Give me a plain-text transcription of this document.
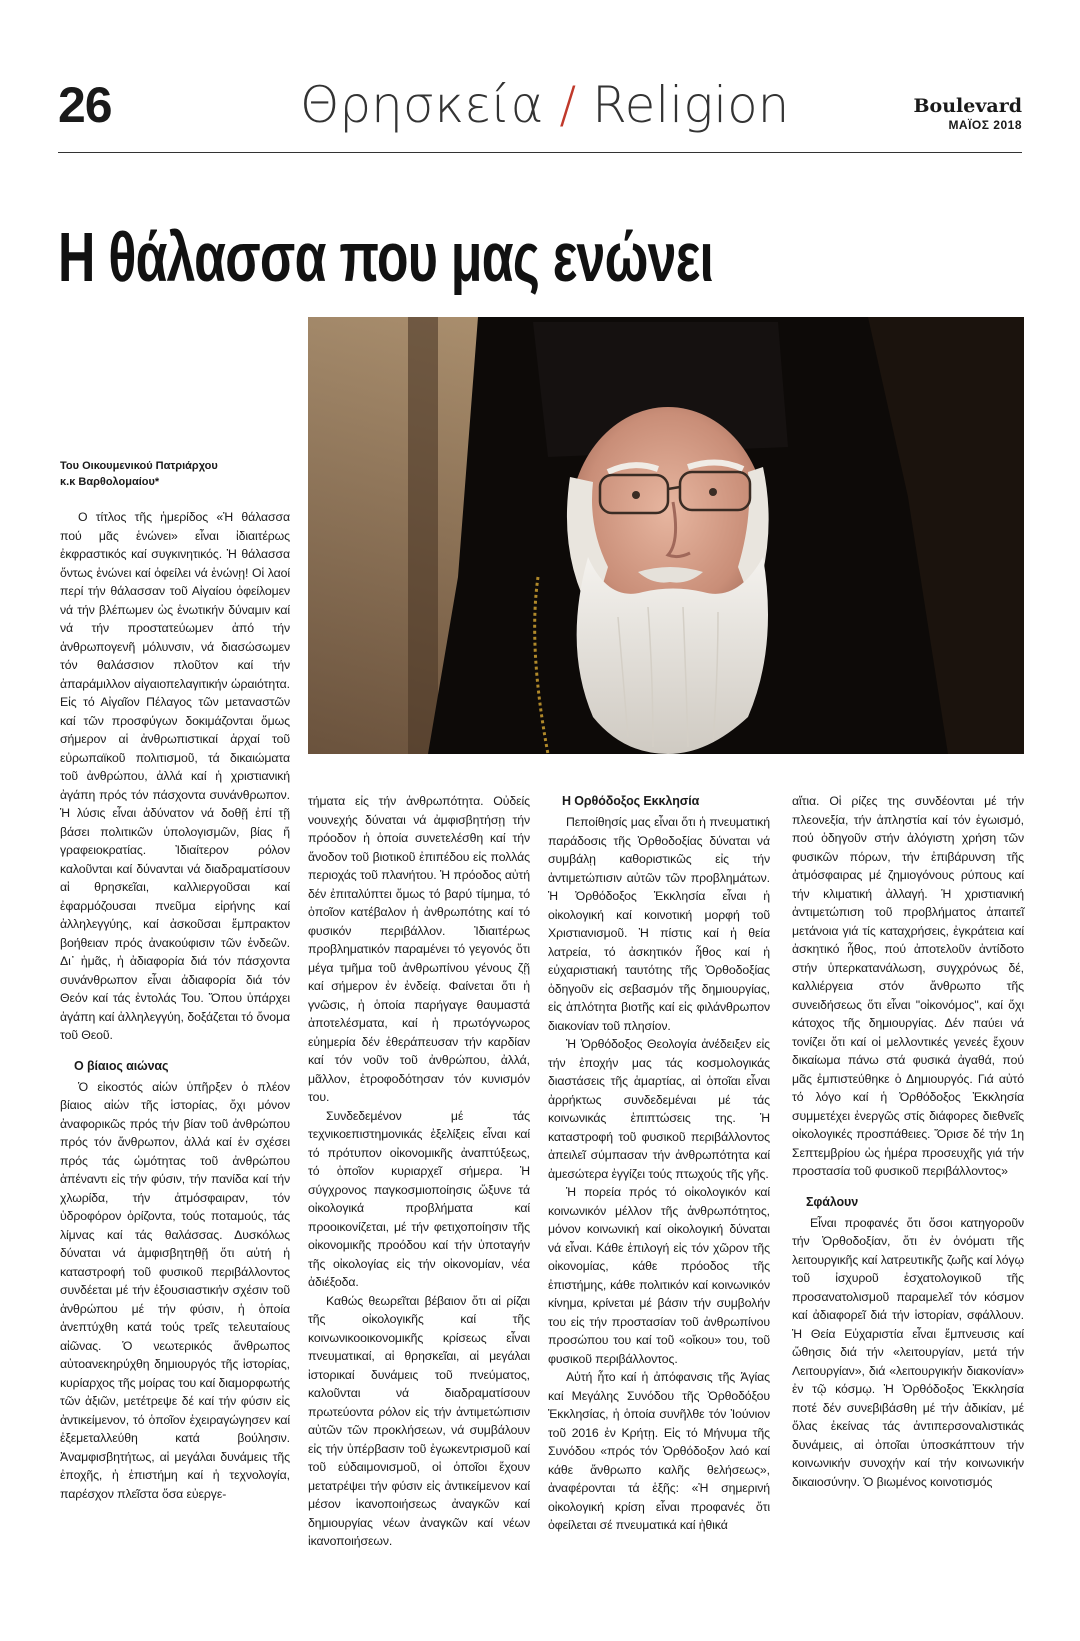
26	Θρησκεία / Religion	Boulevard
ΜΑΪΟΣ 2018
Η θάλασσα που μας ενώνει
Του Οικουμενικού Πατριάρχου
κ.κ Βαρθολομαίου*

Ο τίτλος τῆς ἡμερίδος «Ἡ θάλασσα πού μᾶς ἑνώνει» εἶναι ἰδιαιτέρως ἐκφραστικός καί συγκινητικός. Ἡ θάλασσα ὄντως ἑνώνει καί ὀφείλει νά ἑνώνῃ! Οἱ λαοί περί τήν θάλασσαν τοῦ Αἰγαίου ὀφείλομεν νά τήν βλέπωμεν ὡς ἑνωτικήν δύναμιν καί νά τήν προστατεύωμεν ἀπό τήν ἀνθρωπογενῆ μόλυνσιν, νά διασώσωμεν τόν θαλάσσιον πλοῦτον καί τήν ἀπαράμιλλον αἰγαιοπελαγιτικήν ὡραιότητα. Εἰς τό Αἰγαῖον Πέλαγος τῶν μεταναστῶν καί τῶν προσφύγων δοκιμάζονται ὅμως σήμερον αἱ ἀνθρωπιστικαί ἀρχαί τοῦ εὐρωπαϊκοῦ πολιτισμοῦ, τά δικαιώματα τοῦ ἀνθρώπου, ἀλλά καί ἡ χριστιανική ἀγάπη πρός τόν πάσχοντα συνάνθρωπον. Ἡ λύσις εἶναι ἀδύνατον νά δοθῇ ἐπί τῇ βάσει πολιτικῶν ὑπολογισμῶν, βίας ἤ γραφειοκρατίας. Ἰδιαίτερον ρόλον καλοῦνται καί δύνανται νά διαδραματίσουν αἱ θρησκεῖαι, καλλιεργοῦσαι καί ἐφαρμόζουσαι πνεῦμα εἰρήνης καί ἀλληλεγγύης, καί ἀσκοῦσαι ἔμπρακτον βοήθειαν πρός ἀνακούφισιν τῶν ἐνδεῶν. Δι᾽ ἡμᾶς, ἡ ἀδιαφορία διά τόν πάσχοντα συνάνθρωπον εἶναι ἀδιαφορία διά τόν Θεόν καί τάς ἐντολάς Του. Ὅπου ὑπάρχει ἀγάπη καί ἀλληλεγγύη, δοξάζεται τό ὄνομα τοῦ Θεοῦ.

Ο βίαιος αιώνας

Ὁ εἰκοστός αἰών ὑπῆρξεν ὁ πλέον βίαιος αἰών τῆς ἱστορίας, ὄχι μόνον ἀναφορικῶς πρός τήν βίαν τοῦ ἀνθρώπου πρός τόν ἄνθρωπον, ἀλλά καί ἐν σχέσει πρός τάς ὠμότητας τοῦ ἀνθρώπου ἀπέναντι εἰς τήν φύσιν, τήν πανίδα καί τήν χλωρίδα, τήν ἀτμόσφαιραν, τόν ὑδροφόρον ὁρίζοντα, τούς ποταμούς, τάς λίμνας καί τάς θαλάσσας. Δυσκόλως δύναται νά ἀμφισβητηθῇ ὅτι αὐτή ἡ καταστροφή τοῦ φυσικοῦ περιβάλλοντος συνδέεται μέ τήν ἐξουσιαστικήν σχέσιν τοῦ ἀνθρώπου μέ τήν φύσιν, ἡ ὁποία ἀνεπτύχθη κατά τούς τρεῖς τελευταίους αἰῶνας. Ὁ νεωτερικός ἄνθρωπος αὐτοανεκηρύχθη δημιουργός τῆς ἱστορίας, κυρίαρχος τῆς μοίρας του καί διαμορφωτής τῶν ἀξιῶν, μετέτρεψε δέ καί τήν φύσιν εἰς ἀντικείμενον, τό ὁποῖον ἐχειραγώγησεν καί ἐξεμεταλλεύθη κατά βούλησιν. Ἀναμφισβητήτως, αἱ μεγάλαι δυνάμεις τῆς ἐποχῆς, ἡ ἐπιστήμη καί ἡ τεχνολογία, παρέσχον πλεῖστα ὅσα εὐεργε-

τήματα εἰς τήν ἀνθρωπότητα. Οὐδείς νουνεχής δύναται νά ἀμφισβητήσῃ τήν πρόοδον ἡ ὁποία συνετελέσθη καί τήν ἄνοδον τοῦ βιοτικοῦ ἐπιπέδου εἰς πολλάς περιοχάς τοῦ πλανήτου. Ἡ πρόοδος αὐτή δέν ἐπιταλύπτει ὅμως τό βαρύ τίμημα, τό ὁποῖον κατέβαλον ἡ ἀνθρωπότης καί τό φυσικόν περιβάλλον. Ἰδιαιτέρως προβληματικόν παραμένει τό γεγονός ὅτι μέγα τμῆμα τοῦ ἀνθρωπίνου γένους ζῇ καί σήμερον ἐν ἐνδείᾳ. Φαίνεται ὅτι ἡ γνῶσις, ἡ ὁποία παρήγαγε θαυμαστά ἀποτελέσματα, καί ἡ πρωτόγνωρος εὐημερία δέν ἐθεράπευσαν τήν καρδίαν καί τόν νοῦν τοῦ ἀνθρώπου, ἀλλά, μᾶλλον, ἐτροφοδότησαν τόν κυνισμόν του.

Συνδεδεμένον μέ τάς τεχνικοεπιστημονικάς ἐξελίξεις εἶναι καί τό πρότυπον οἰκονομικῆς ἀναπτύξεως, τό ὁποῖον κυριαρχεῖ σήμερα. Ἡ σύγχρονος παγκοσμιοποίησις ὤξυνε τά οἰκολογικά προβλήματα καί προοικονίζεται, μέ τήν φετιχοποίησιν τῆς οἰκονομικῆς προόδου καί τήν ὑποταγήν τῆς οἰκολογίας εἰς τήν οἰκονομίαν, νέα ἀδιέξοδα.

Καθώς θεωρεῖται βέβαιον ὅτι αἱ ρίζαι τῆς οἰκολογικῆς καί τῆς κοινωνικοοικονομικῆς κρίσεως εἶναι πνευματικαί, αἱ θρησκεῖαι, αἱ μεγάλαι ἱστορικαί δυνάμεις τοῦ πνεύματος, καλοῦνται νά διαδραματίσουν πρωτεύοντα ρόλον εἰς τήν ἀντιμετώπισιν αὐτῶν τῶν προκλήσεων, νά συμβάλουν εἰς τήν ὑπέρβασιν τοῦ ἐγωκεντρισμοῦ καί τοῦ εὐδαιμονισμοῦ, οἱ ὁποῖοι ἔχουν μετατρέψει τήν φύσιν εἰς ἀντικείμενον καί μέσον ἱκανοποιήσεως ἀναγκῶν καί δημιουργίας νέων ἀναγκῶν καί νέων ἱκανοποιήσεων.

Η Ορθόδοξος Εκκλησία

Πεποίθησίς μας εἶναι ὅτι ἡ πνευματική παράδοσις τῆς Ὀρθοδοξίας δύναται νά συμβάλῃ καθοριστικῶς εἰς τήν ἀντιμετώπισιν αὐτῶν τῶν προβλημάτων. Ἡ Ὀρθόδοξος Ἐκκλησία εἶναι ἡ οἰκολογική καί κοινοτική μορφή τοῦ Χριστιανισμοῦ. Ἡ πίστις καί ἡ θεία λατρεία, τό ἀσκητικόν ἦθος καί ἡ εὐχαριστιακή ταυτότης τῆς Ὀρθοδοξίας ὁδηγοῦν εἰς σεβασμόν τῆς δημιουργίας, εἰς ἀπλότητα βιοτῆς καί εἰς φιλάνθρωπον διακονίαν τοῦ πλησίον.

Ἡ Ὀρθόδοξος Θεολογία ἀνέδειξεν εἰς τήν ἐποχήν μας τάς κοσμολογικάς διαστάσεις τῆς ἁμαρτίας, αἱ ὁποῖαι εἶναι ἀρρήκτως συνδεδεμέναι μέ τάς κοινωνικάς ἐπιπτώσεις της. Ἡ καταστροφή τοῦ φυσικοῦ περιβάλλοντος ἀπειλεῖ σύμπασαν τήν ἀνθρωπότητα καί ἀμεσώτερα ἐγγίζει τούς πτωχούς τῆς γῆς.

Ἡ πορεία πρός τό οἰκολογικόν καί κοινωνικόν μέλλον τῆς ἀνθρωπότητος, μόνον κοινωνική καί οἰκολογική δύναται νά εἶναι. Κάθε ἐπιλογή εἰς τόν χῶρον τῆς οἰκονομίας, κάθε πρόοδος τῆς ἐπιστήμης, κάθε πολιτικόν καί κοινωνικόν κίνημα, κρίνεται μέ βάσιν τήν συμβολήν του εἰς τήν προστασίαν τοῦ ἀνθρωπίνου προσώπου του καί τοῦ «οἴκου» του, τοῦ φυσικοῦ περιβάλλοντος.

Αὐτή ἦτο καί ἡ ἀπόφανσις τῆς Ἁγίας καί Μεγάλης Συνόδου τῆς Ὀρθοδόξου Ἐκκλησίας, ἡ ὁποία συνῆλθε τόν Ἰούνιον τοῦ 2016 ἐν Κρήτῃ. Εἰς τό Μήνυμα τῆς Συνόδου «πρός τόν Ὀρθόδοξον λαό καί κάθε ἄνθρωπο καλῆς θελήσεως», ἀναφέρονται τά ἑξῆς: «Ἡ σημερινή οἰκολογική κρίση εἶναι προφανές ὅτι ὀφείλεται σέ πνευματικά καί ἠθικά

αἴτια. Οἱ ρίζες της συνδέονται μέ τήν πλεονεξία, τήν ἀπληστία καί τόν ἐγωισμό, πού ὁδηγοῦν στήν ἀλόγιστη χρήση τῶν φυσικῶν πόρων, τήν ἐπιβάρυνση τῆς ἀτμόσφαιρας μέ ζημιογόνους ρύπους καί τήν κλιματική ἀλλαγή. Ἡ χριστιανική ἀντιμετώπιση τοῦ προβλήματος ἀπαιτεῖ μετάνοια γιά τίς καταχρήσεις, ἐγκράτεια καί ἀσκητικό ἦθος, πού ἀποτελοῦν ἀντίδοτο στήν ὑπερκατανάλωση, συγχρόνως δέ, καλλιέργεια στόν ἄνθρωπο τῆς συνειδήσεως ὅτι εἶναι "οἰκονόμος", καί ὄχι κάτοχος τῆς δημιουργίας. Δέν παύει νά τονίζει ὅτι καί οἱ μελλοντικές γενεές ἔχουν δικαίωμα πάνω στά φυσικά ἀγαθά, πού μᾶς ἐμπιστεύθηκε ὁ Δημιουργός. Γιά αὐτό τό λόγο καί ἡ Ὀρθόδοξος Ἐκκλησία συμμετέχει ἐνεργῶς στίς διάφορες διεθνεῖς οἰκολογικές προσπάθειες. Ὅρισε δέ τήν 1η Σεπτεμβρίου ὡς ἡμέρα προσευχῆς γιά τήν προστασία τοῦ φυσικοῦ περιβάλλοντος»

Σφάλουν

Εἶναι προφανές ὅτι ὅσοι κατηγοροῦν τήν Ὀρθοδοξίαν, ὅτι ἐν ὀνόματι τῆς λειτουργικῆς καί λατρευτικῆς ζωῆς καί λόγῳ τοῦ ἰσχυροῦ ἐσχατολογικοῦ τῆς προσανατολισμοῦ παραμελεῖ τόν κόσμον καί ἀδιαφορεῖ διά τήν ἱστορίαν, σφάλλουν. Ἡ Θεία Εὐχαριστία εἶναι ἔμπνευσις καί ὤθησις διά τήν «λειτουργίαν, μετά τήν Λειτουργίαν», διά «λειτουργικήν διακονίαν» ἐν τῷ κόσμῳ. Ἡ Ὀρθόδοξος Ἐκκλησία ποτέ δέν συνεβιβάσθη μέ τήν ἀδικίαν, μέ ὅλας ἐκείνας τάς ἀντιπερσοναλιστικάς δυνάμεις, αἱ ὁποῖαι ὑποσκάπτουν τήν κοινωνικήν συνοχήν καί τήν κοινωνικήν δικαιοσύνην. Ὁ βιωμένος κοινοτισμός
